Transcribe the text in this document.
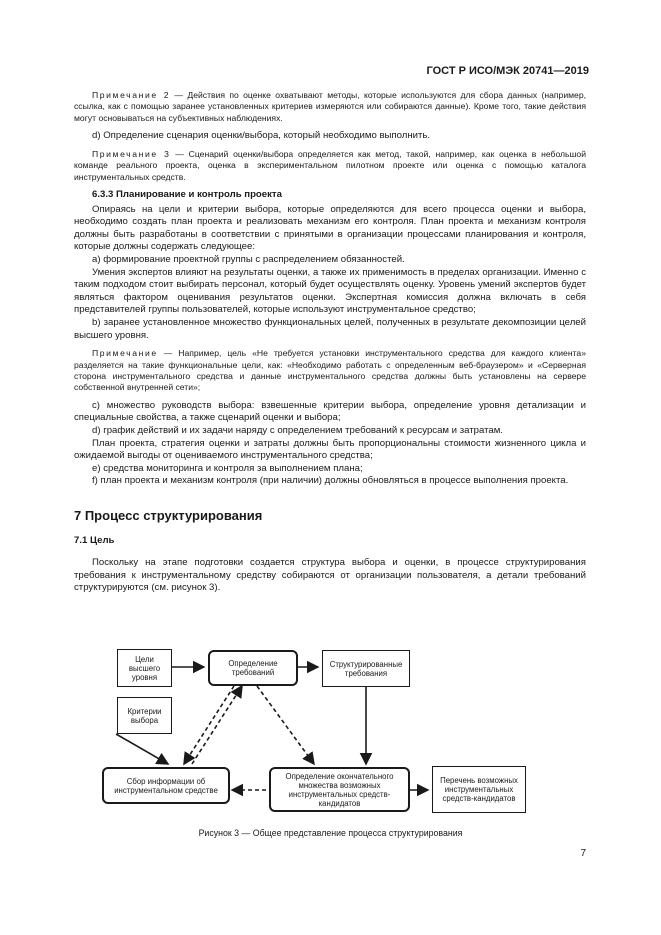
ГОСТ Р ИСО/МЭК 20741—2019

Примечание 2 — Действия по оценке охватывают методы, которые используются для сбора данных (например, ссылка, как с помощью заранее установленных критериев измеряются или собираются данные). Кроме того, такие действия могут основываться на субъективных наблюдениях.

d) Определение сценария оценки/выбора, который необходимо выполнить.

Примечание 3 — Сценарий оценки/выбора определяется как метод, такой, например, как оценка в небольшой команде реального проекта, оценка в экспериментальном пилотном проекте или оценка с помощью каталога инструментальных средств.

6.3.3 Планирование и контроль проекта

Опираясь на цели и критерии выбора, которые определяются для всего процесса оценки и выбора, необходимо создать план проекта и реализовать механизм его контроля. План проекта и механизм контроля должны быть разработаны в соответствии с принятыми в организации процессами планирования и контроля, которые должны содержать следующее:

а) формирование проектной группы с распределением обязанностей.

Умения экспертов влияют на результаты оценки, а также их применимость в пределах организации. Именно с таким подходом стоит выбирать персонал, который будет осуществлять оценку. Уровень умений экспертов будет являться фактором оценивания результатов оценки. Экспертная комиссия должна включать в себя представителей группы пользователей, которые используют инструментальное средство;

b) заранее установленное множество функциональных целей, полученных в результате декомпозиции целей высшего уровня.

Примечание — Например, цель «Не требуется установки инструментального средства для каждого клиента» разделяется на такие функциональные цели, как: «Необходимо работать с определенным веб-браузером» и «Серверная сторона инструментального средства и данные инструментального средства должны быть установлены на сервере собственной внутренней сети»;

c) множество руководств выбора: взвешенные критерии выбора, определение уровня детализации и специальные свойства, а также сценарий оценки и выбора;

d) график действий и их задачи наряду с определением требований к ресурсам и затратам.

План проекта, стратегия оценки и затраты должны быть пропорциональны стоимости жизненного цикла и ожидаемой выгоды от оцениваемого инструментального средства;

e) средства мониторинга и контроля за выполнением плана;

f) план проекта и механизм контроля (при наличии) должны обновляться в процессе выполнения проекта.

7 Процесс структурирования
7.1 Цель

Поскольку на этапе подготовки создается структура выбора и оценки, в процессе структурирования требования к инструментальному средству собираются от организации пользователя, а детали требований структурируются (см. рисунок 3).

Цели высшего уровня
Критерии выбора
Определение требований
Структурированные требования
Сбор информации об инструментальном средстве
Определение окончательного множества возможных инструментальных средств-кандидатов
Перечень возможных инструментальных средств-кандидатов
Рисунок 3 — Общее представление процесса структурирования
7
